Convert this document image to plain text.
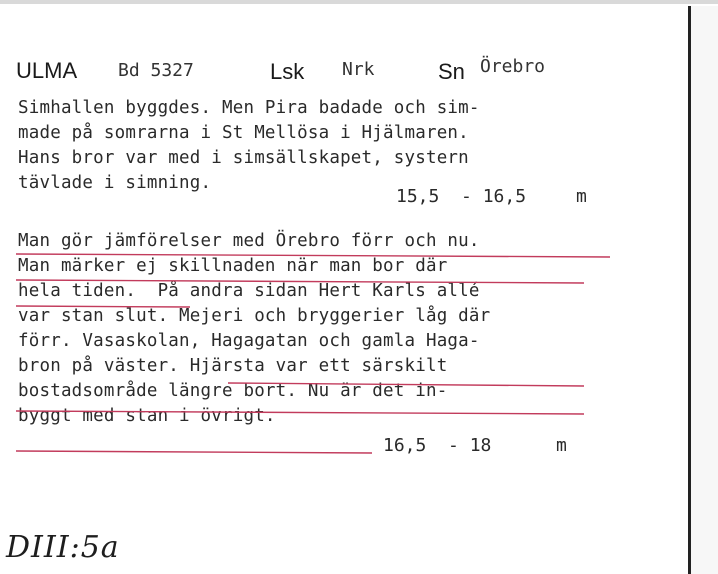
ULMA Bd 5327	Lsk Nrk	Sn Örebro
Simhallen byggdes. Men Pira badade och sim-
made på somrarna i St Mellösa i Hjälmaren.
Hans bror var med i simsällskapet, systern
tävlade i simning.
15,5  - 16,5	m
Man gör jämförelser med Örebro förr och nu.
Man märker ej skillnaden när man bor där
hela tiden.  På andra sidan Hert Karls allé
var stan slut. Mejeri och bryggerier låg där
förr. Vasaskolan, Hagagatan och gamla Haga-
bron på väster. Hjärsta var ett särskilt
bostadsområde längre bort. Nu är det in-
byggt med stan i övrigt.
16,5  - 18	m
DIII:5a
